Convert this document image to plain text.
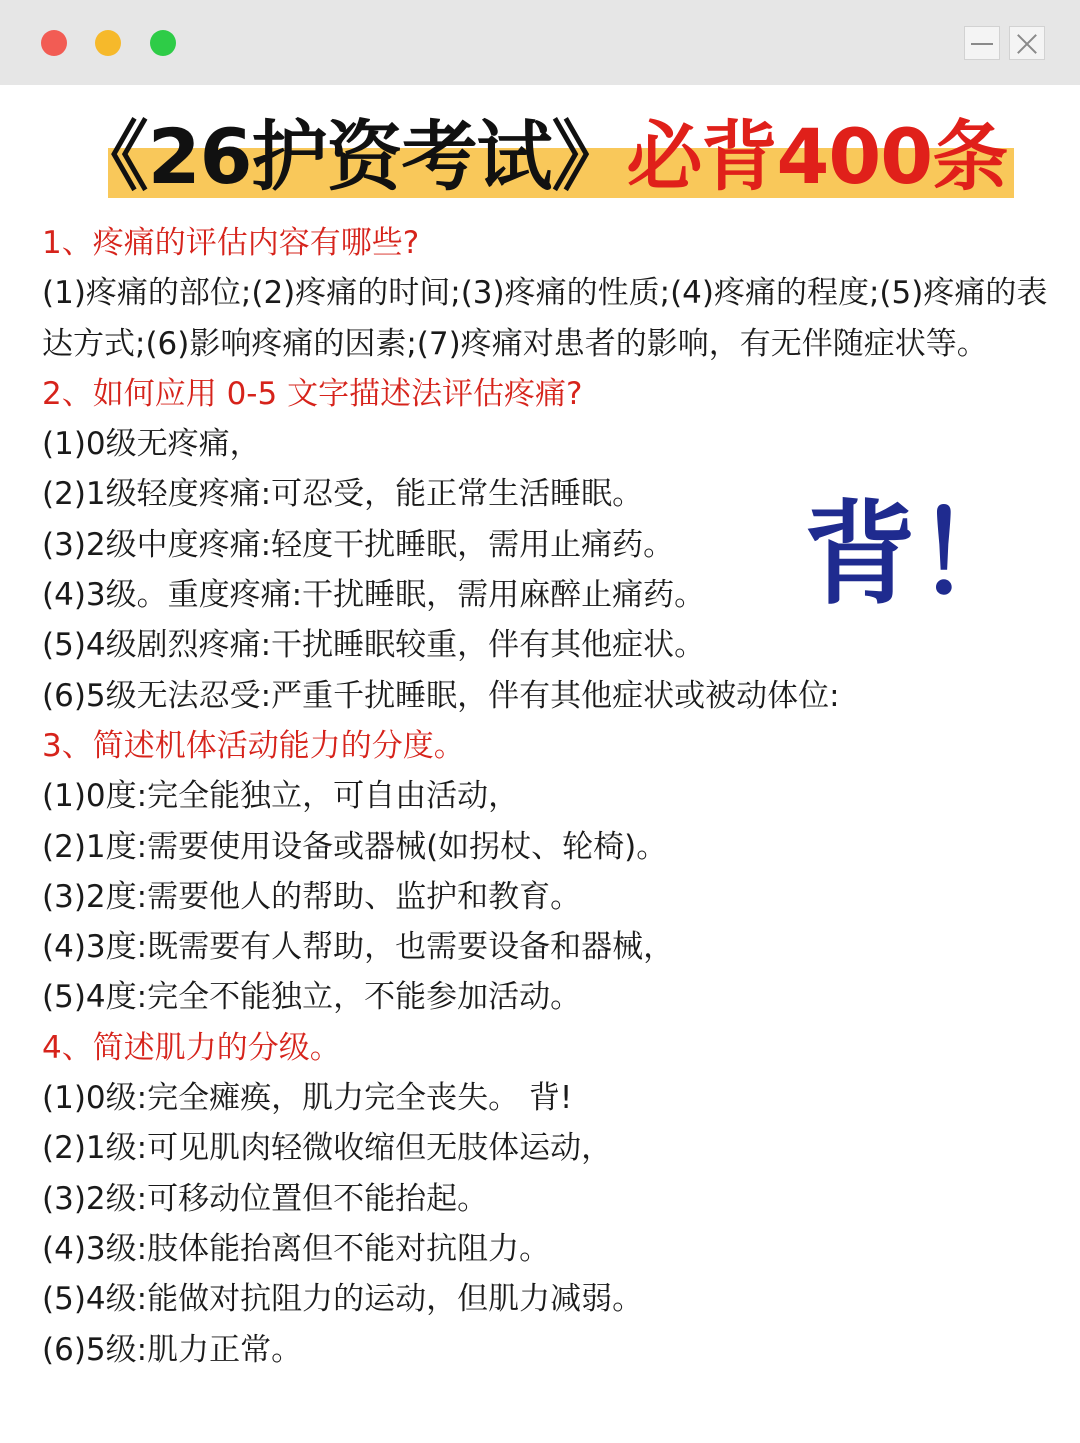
《26护资考试》必背400条

1、疼痛的评估内容有哪些?

(1)疼痛的部位;(2)疼痛的时间;(3)疼痛的性质;(4)疼痛的程度;(5)疼痛的表达方式;(6)影响疼痛的因素;(7)疼痛对患者的影响，有无伴随症状等。

2、如何应用 0-5 文字描述法评估疼痛?

(1)0级无疼痛，

(2)1级轻度疼痛:可忍受，能正常生活睡眠。

(3)2级中度疼痛:轻度干扰睡眠，需用止痛药。

(4)3级。重度疼痛:干扰睡眠，需用麻醉止痛药。

(5)4级剧烈疼痛:干扰睡眠较重，伴有其他症状。

(6)5级无法忍受:严重千扰睡眠，伴有其他症状或被动体位:

3、简述机体活动能力的分度。

(1)0度:完全能独立，可自由活动，

(2)1度:需要使用设备或器械(如拐杖、轮椅)。

(3)2度:需要他人的帮助、监护和教育。

(4)3度:既需要有人帮助，也需要设备和器械，

(5)4度:完全不能独立，不能参加活动。

4、简述肌力的分级。

(1)0级:完全瘫痪，肌力完全丧失。 背!

(2)1级:可见肌肉轻微收缩但无肢体运动，

(3)2级:可移动位置但不能抬起。

(4)3级:肢体能抬离但不能对抗阻力。

(5)4级:能做对抗阻力的运动，但肌力减弱。

(6)5级:肌力正常。

背！
